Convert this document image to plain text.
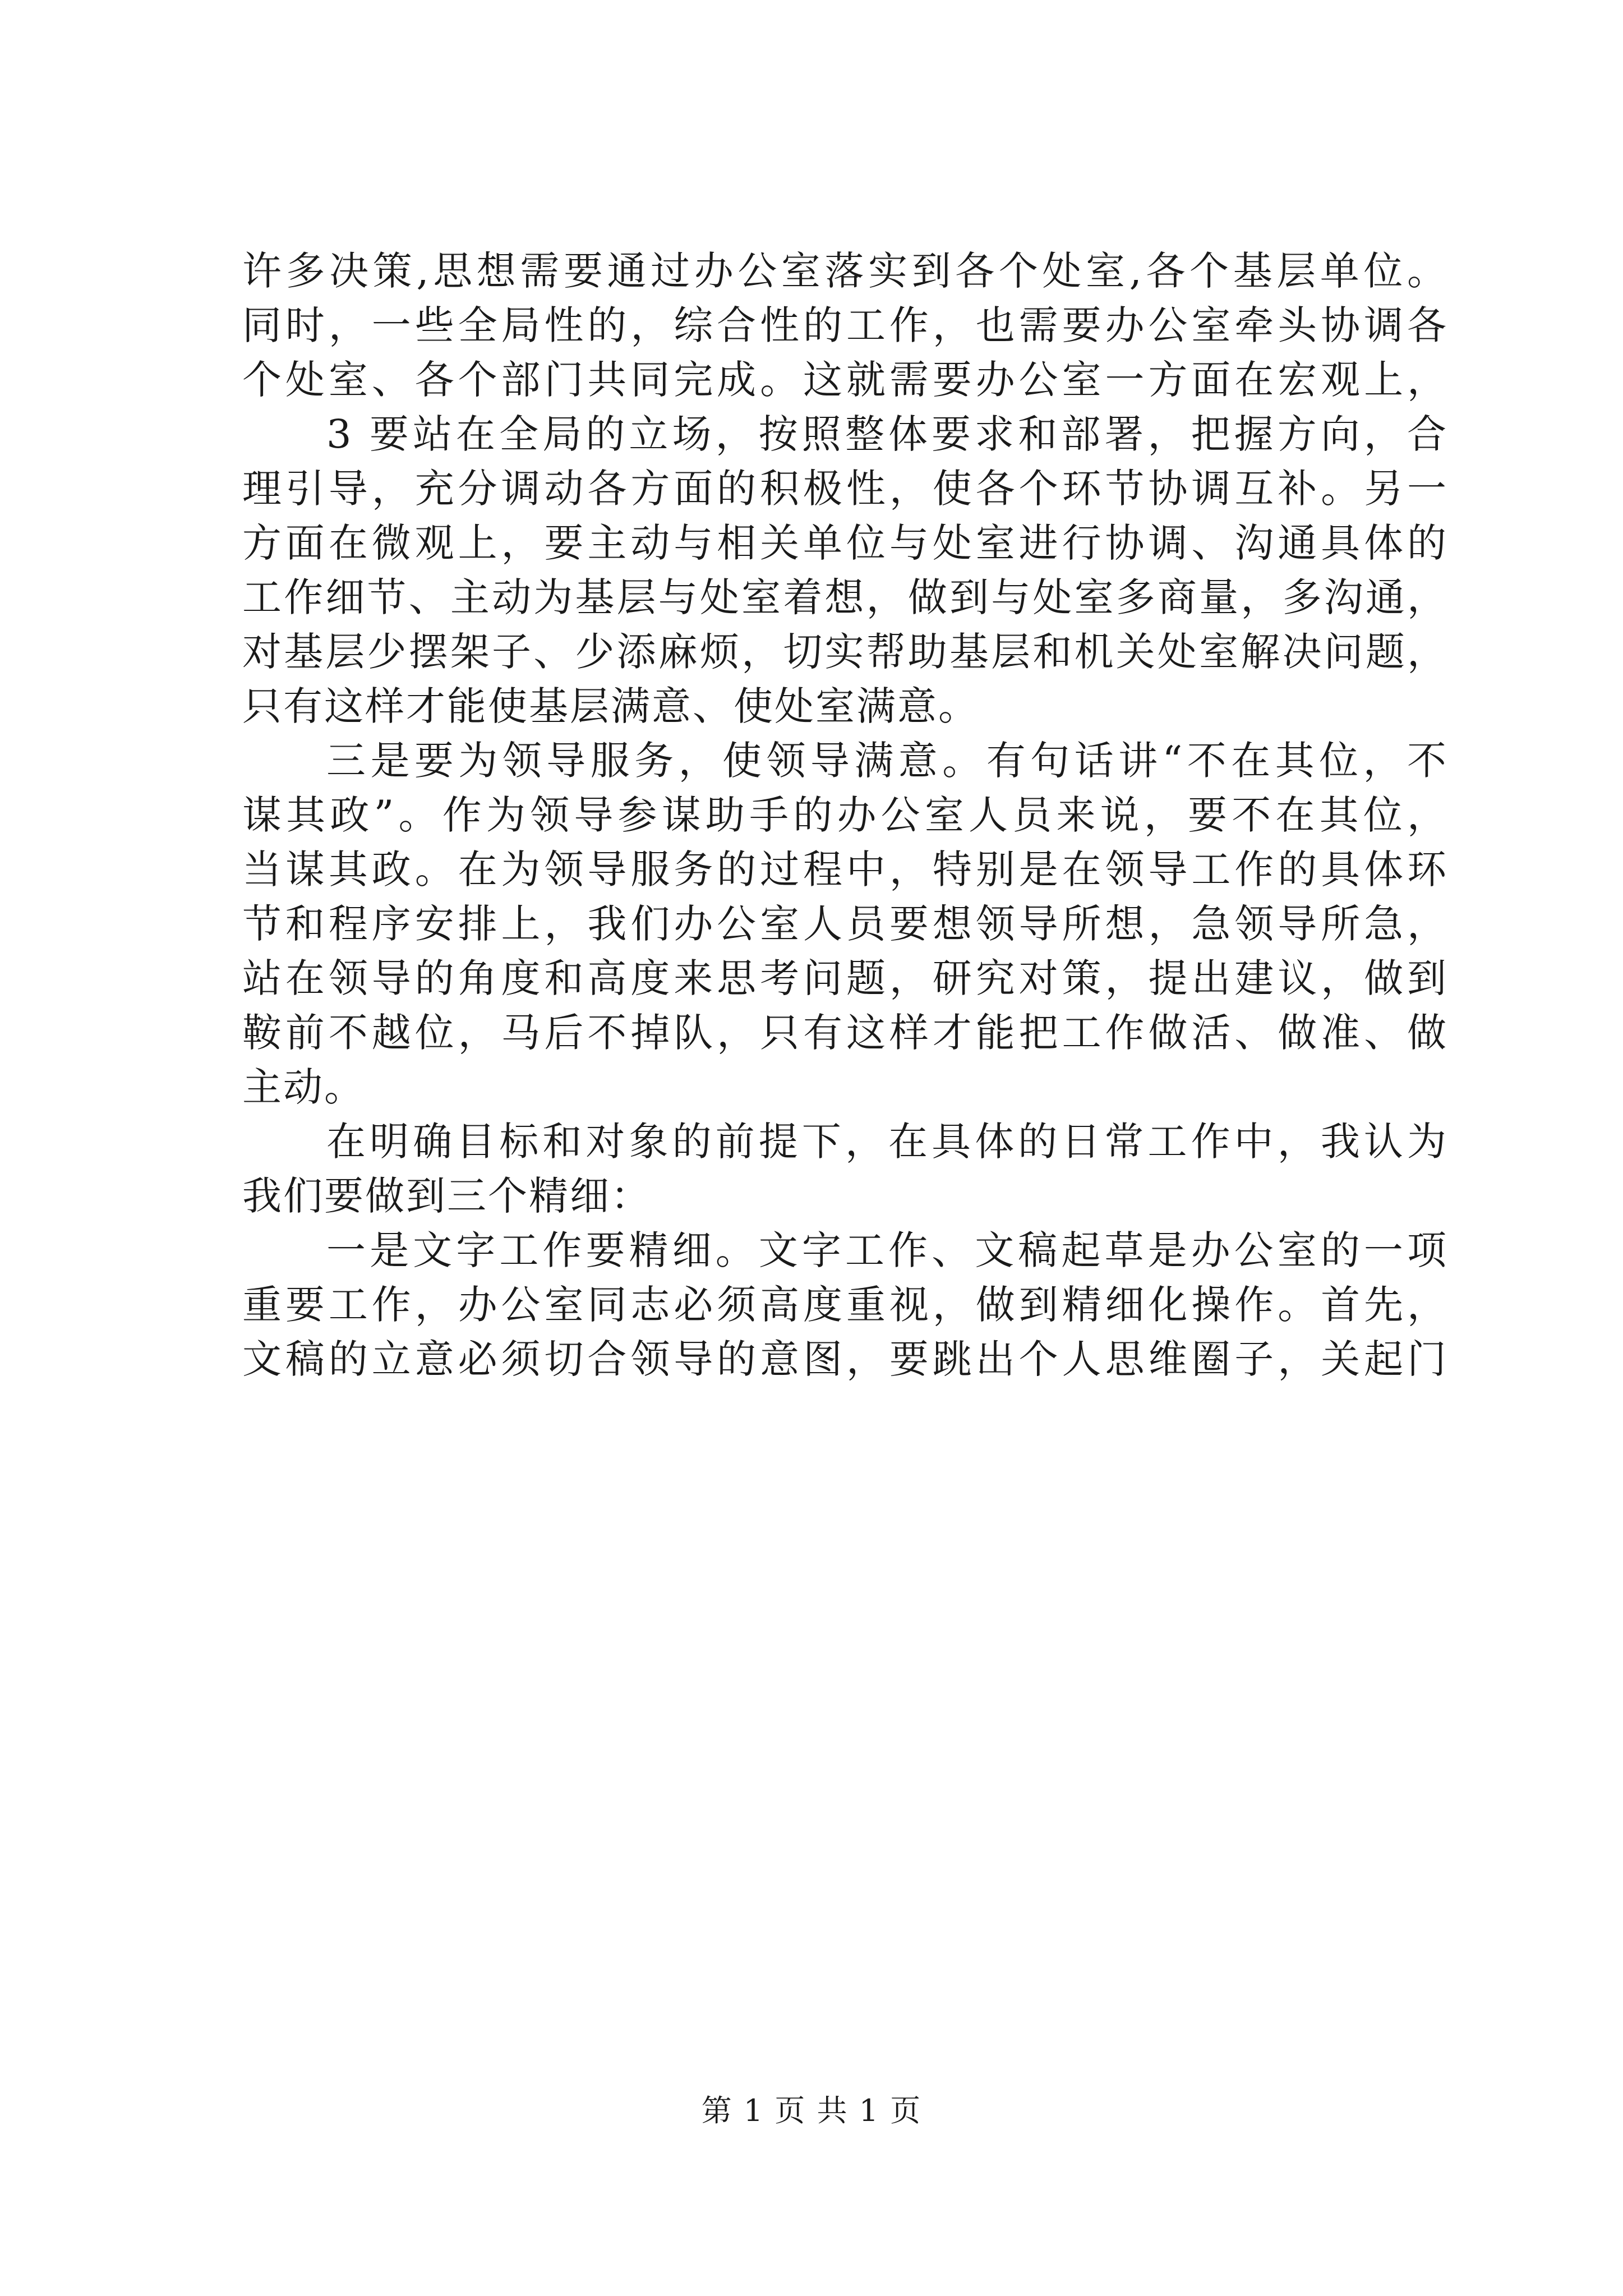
许多决策,思想需要通过办公室落实到各个处室,各个基层单位。
同时，一些全局性的，综合性的工作，也需要办公室牵头协调各
个处室、各个部门共同完成。这就需要办公室一方面在宏观上，
3 要站在全局的立场，按照整体要求和部署，把握方向，合
理引导，充分调动各方面的积极性，使各个环节协调互补。另一
方面在微观上，要主动与相关单位与处室进行协调、沟通具体的
工作细节、主动为基层与处室着想，做到与处室多商量，多沟通，
对基层少摆架子、少添麻烦，切实帮助基层和机关处室解决问题，
只有这样才能使基层满意、使处室满意。
三是要为领导服务，使领导满意。有句话讲“不在其位，不
谋其政”。作为领导参谋助手的办公室人员来说，要不在其位，
当谋其政。在为领导服务的过程中，特别是在领导工作的具体环
节和程序安排上，我们办公室人员要想领导所想，急领导所急，
站在领导的角度和高度来思考问题，研究对策，提出建议，做到
鞍前不越位，马后不掉队，只有这样才能把工作做活、做准、做
主动。
在明确目标和对象的前提下，在具体的日常工作中，我认为
我们要做到三个精细：
一是文字工作要精细。文字工作、文稿起草是办公室的一项
重要工作，办公室同志必须高度重视，做到精细化操作。首先，
文稿的立意必须切合领导的意图，要跳出个人思维圈子，关起门
第 1 页 共 1 页
